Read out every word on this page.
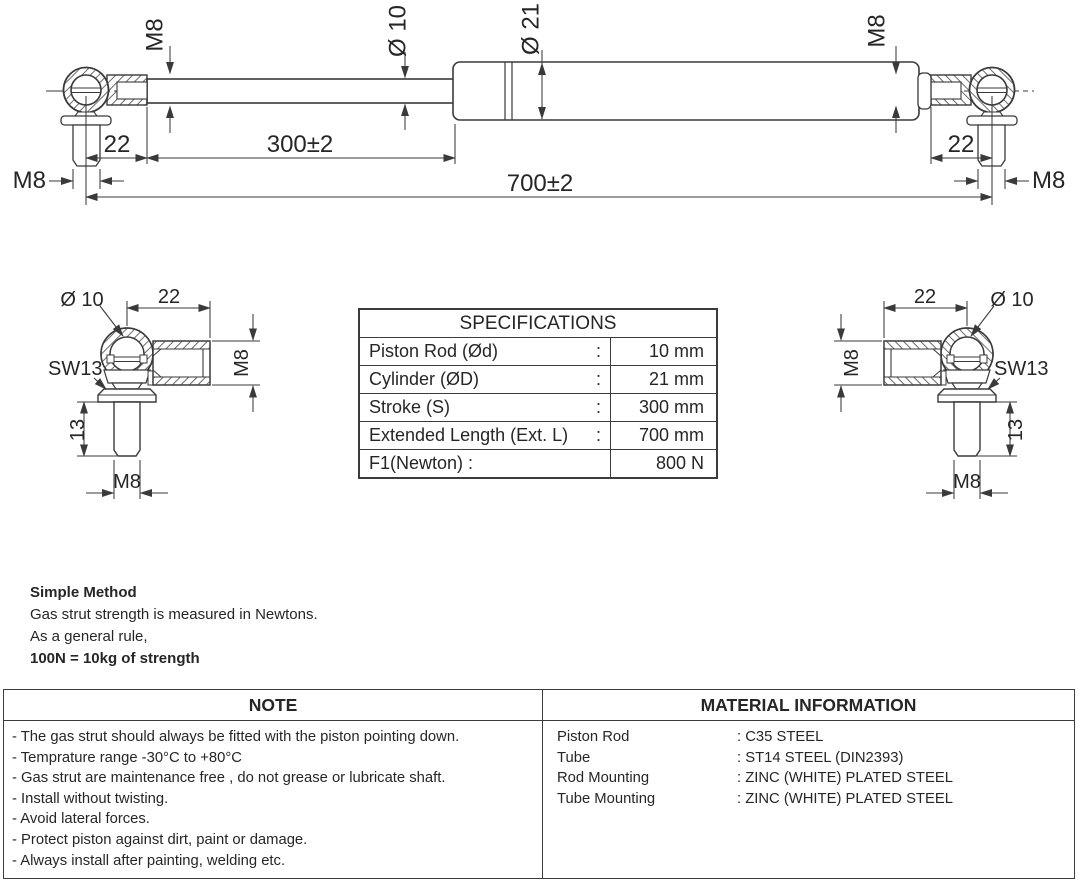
M8	Ø 10	Ø 21	M8
22	300±2	22
700±2
M8	M8
Ø 10	22
M8
SW13
13
M8
22	Ø 10
M8	SW13
13
M8
SPECIFICATIONS
Piston Rod (Ød)	:	10 mm
Cylinder (ØD)	:	21 mm
Stroke (S)	:	300 mm
Extended Length (Ext. L) :	700 mm
F1(Newton) :	800 N
Simple Method
Gas strut strength is measured in Newtons.
As a general rule,
100N = 10kg of strength
NOTE
- The gas strut should always be fitted with the piston pointing down.
- Temprature range -30°C to +80°C
- Gas strut are maintenance free , do not grease or lubricate shaft.
- Install without twisting.
- Avoid lateral forces.
- Protect piston against dirt, paint or damage.
- Always install after painting, welding etc.
MATERIAL INFORMATION
Piston Rod	: C35 STEEL
Tube	: ST14 STEEL (DIN2393)
Rod Mounting	: ZINC (WHITE) PLATED STEEL
Tube Mounting	: ZINC (WHITE) PLATED STEEL
